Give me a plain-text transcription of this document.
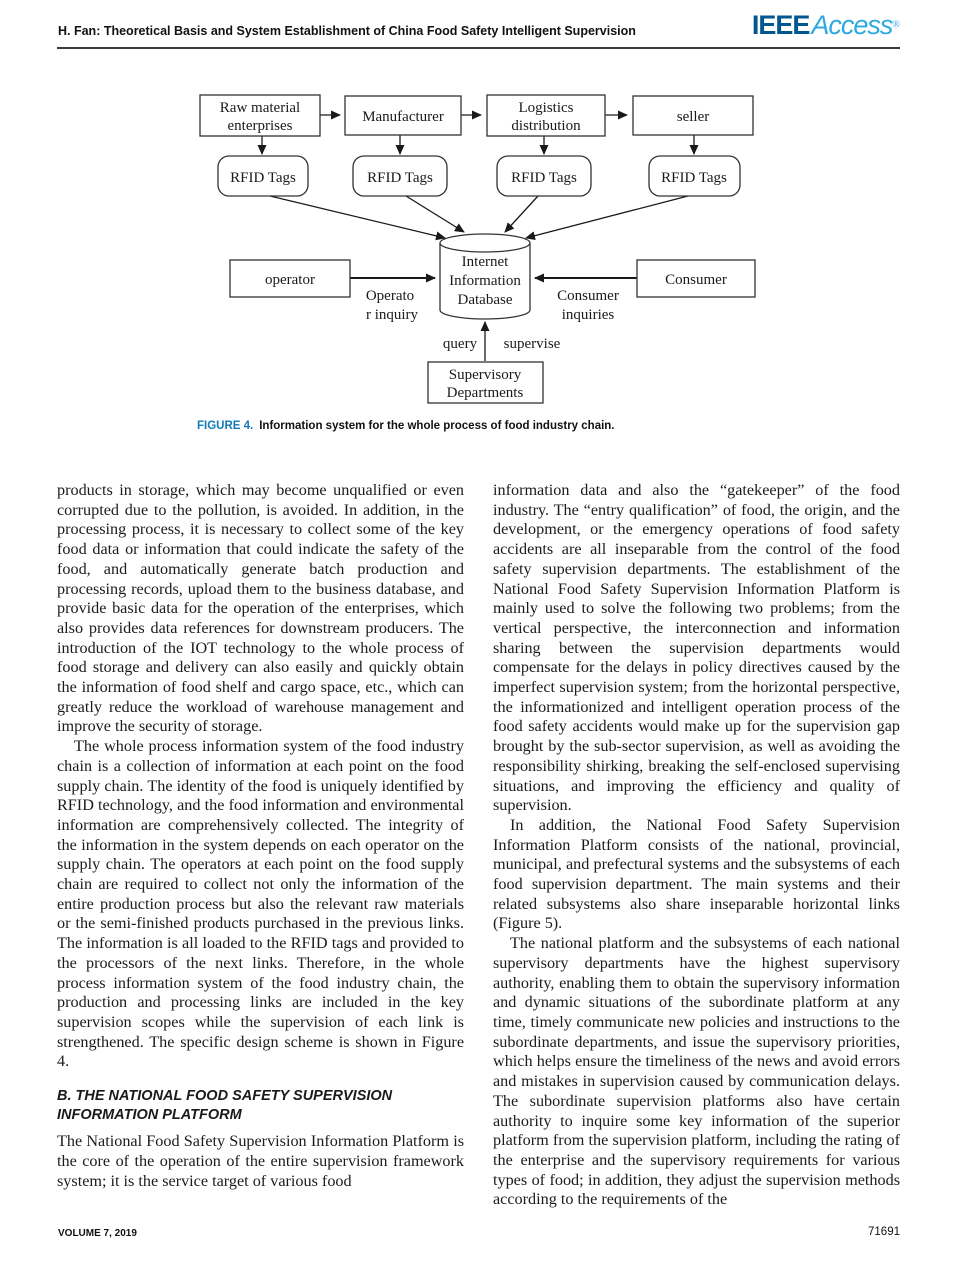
H. Fan: Theoretical Basis and System Establishment of China Food Safety Intelligent Supervision	IEEEAccess®
Internet
Information
Database
Raw material
enterprises
Manufacturer
Logistics
distribution
seller
RFID Tags	RFID Tags	RFID Tags	RFID Tags
operator	Consumer
Operato
r inquiry
Consumer
inquiries
query supervise
Supervisory
Departments
FIGURE 4. Information system for the whole process of food industry chain.

products in storage, which may become unqualified or even corrupted due to the pollution, is avoided. In addition, in the processing process, it is necessary to collect some of the key food data or information that could indicate the safety of the food, and automatically generate batch production and processing records, upload them to the business database, and provide basic data for the operation of the enterprises, which also provides data references for downstream producers. The introduction of the IOT technology to the whole process of food storage and delivery can also easily and quickly obtain the information of food shelf and cargo space, etc., which can greatly reduce the workload of warehouse management and improve the security of storage.

The whole process information system of the food industry chain is a collection of information at each point on the food supply chain. The identity of the food is uniquely identified by RFID technology, and the food information and environmental information are comprehensively collected. The integrity of the information in the system depends on each operator on the supply chain. The operators at each point on the food supply chain are required to collect not only the information of the entire production process but also the relevant raw materials or the semi-finished products purchased in the previous links. The information is all loaded to the RFID tags and provided to the processors of the next links. Therefore, in the whole process information system of the food industry chain, the production and processing links are included in the key supervision scopes while the supervision of each link is strengthened. The specific design scheme is shown in Figure 4.

B. THE NATIONAL FOOD SAFETY SUPERVISION INFORMATION PLATFORM

The National Food Safety Supervision Information Platform is the core of the operation of the entire supervision framework system; it is the service target of various food

information data and also the “gatekeeper” of the food industry. The “entry qualification” of food, the origin, and the development, or the emergency operations of food safety accidents are all inseparable from the control of the food safety supervision departments. The establishment of the National Food Safety Supervision Information Platform is mainly used to solve the following two problems; from the vertical perspective, the interconnection and information sharing between the supervision departments would compensate for the delays in policy directives caused by the imperfect supervision system; from the horizontal perspective, the informationized and intelligent operation process of the food safety accidents would make up for the supervision gap brought by the sub-sector supervision, as well as avoiding the responsibility shirking, breaking the self-enclosed supervising situations, and improving the efficiency and quality of supervision.

In addition, the National Food Safety Supervision Information Platform consists of the national, provincial, municipal, and prefectural systems and the subsystems of each food supervision department. The main systems and their related subsystems also share inseparable horizontal links (Figure 5).

The national platform and the subsystems of each national supervisory departments have the highest supervisory authority, enabling them to obtain the supervisory information and dynamic situations of the subordinate platform at any time, timely communicate new policies and instructions to the subordinate departments, and issue the supervisory priorities, which helps ensure the timeliness of the news and avoid errors and mistakes in supervision caused by communication delays. The subordinate supervision platforms also have certain authority to inquire some key information of the superior platform from the supervision platform, including the rating of the enterprise and the supervisory requirements for various types of food; in addition, they adjust the supervision methods according to the requirements of the

VOLUME 7, 2019	71691
